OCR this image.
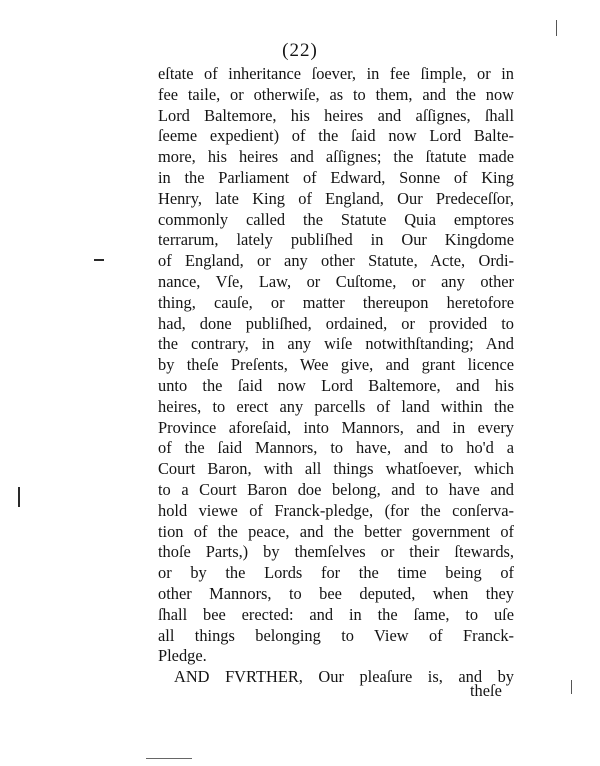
(22)
eſtate of inheritance ſoever, in fee ſimple, or in
fee taile, or otherwiſe, as to them, and the now
Lord Baltemore, his heires and aſſignes, ſhall
ſeeme expedient) of the ſaid now Lord Balte-
more, his heires and aſſignes; the ſtatute made
in the Parliament of Edward, Sonne of King
Henry, late King of England, Our Predeceſſor,
commonly called the Statute Quia emptores
terrarum, lately publiſhed in Our Kingdome
of England, or any other Statute, Acte, Ordi-
nance, Vſe, Law, or Cuſtome, or any other
thing, cauſe, or matter thereupon heretofore
had, done publiſhed, ordained, or provided to
the contrary, in any wiſe notwithſtanding; And
by theſe Preſents, Wee give, and grant licence
unto the ſaid now Lord Baltemore, and his
heires, to erect any parcells of land within the
Province aforeſaid, into Mannors, and in every
of the ſaid Mannors, to have, and to ho'd a
Court Baron, with all things whatſoever, which
to a Court Baron doe belong, and to have and
hold viewe of Franck-pledge, (for the conſerva-
tion of the peace, and the better government of
thoſe Parts,) by themſelves or their ſtewards,
or by the Lords for the time being of
other Mannors, to bee deputed, when they
ſhall bee erected: and in the ſame, to uſe
all things belonging to View of Franck-
Pledge.
AND FVRTHER, Our pleaſure is, and by
theſe
